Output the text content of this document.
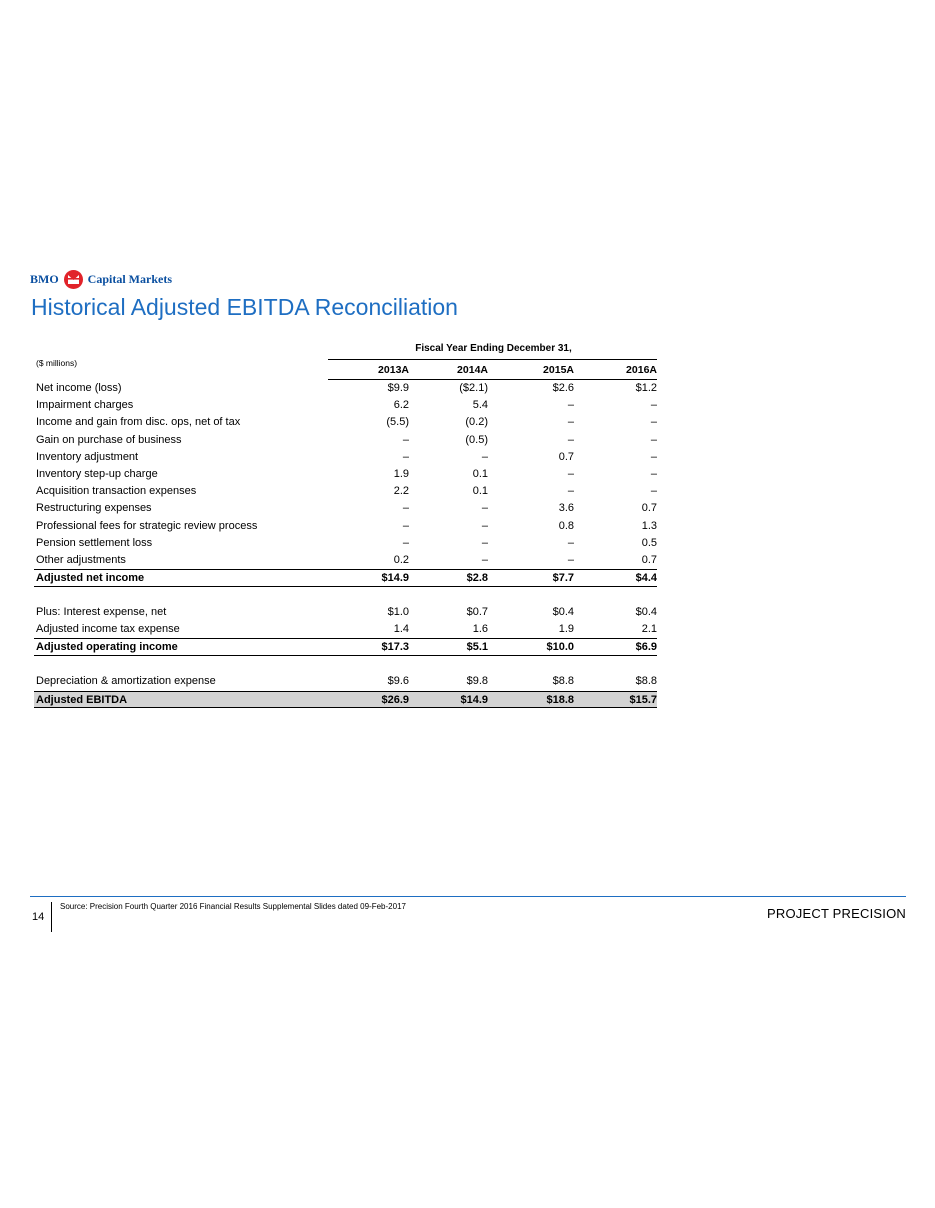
BMO Capital Markets
Historical Adjusted EBITDA Reconciliation
Fiscal Year Ending December 31,
($ millions)
2013A	2014A	2015A	2016A
Net income (loss)	$9.9	($2.1)	$2.6	$1.2
Impairment charges	6.2	5.4	–	–
Income and gain from disc. ops, net of tax	(5.5)	(0.2)	–	–
Gain on purchase of business	–	(0.5)	–	–
Inventory adjustment	–	–	0.7	–
Inventory step-up charge	1.9	0.1	–	–
Acquisition transaction expenses	2.2	0.1	–	–
Restructuring expenses	–	–	3.6	0.7
Professional fees for strategic review process	–	–	0.8	1.3
Pension settlement loss	–	–	–	0.5
Other adjustments	0.2	–	–	0.7
Adjusted net income	$14.9	$2.8	$7.7	$4.4
Plus: Interest expense, net	$1.0	$0.7	$0.4	$0.4
Adjusted income tax expense	1.4	1.6	1.9	2.1
Adjusted operating income	$17.3	$5.1	$10.0	$6.9
Depreciation & amortization expense	$9.6	$9.8	$8.8	$8.8
Adjusted EBITDA	$26.9	$14.9	$18.8	$15.7
14
Source: Precision Fourth Quarter 2016 Financial Results Supplemental Slides dated 09-Feb-2017	PROJECT PRECISION
